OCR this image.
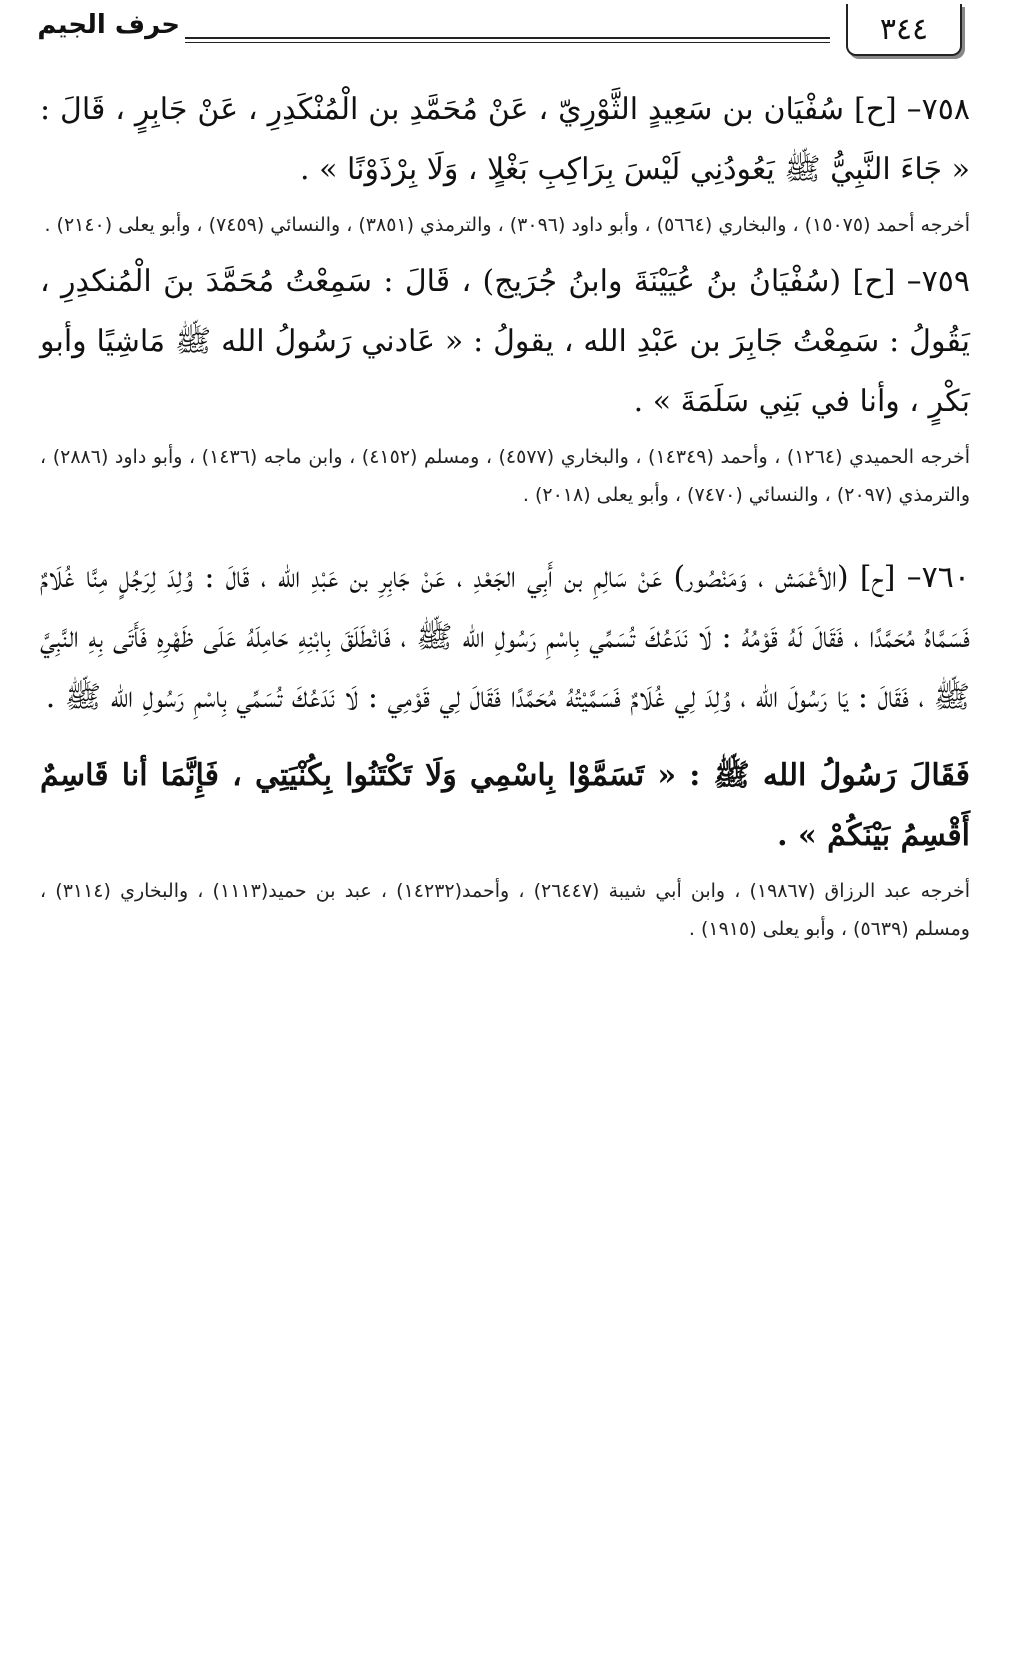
٣٤٤
حرف الجيم

٧٥٨– [ح] سُفْيَان بن سَعِيدٍ الثَّوْرِيّ ، عَنْ مُحَمَّدِ بن الْمُنْكَدِرِ ، عَنْ جَابِرٍ ، قَالَ : « جَاءَ النَّبِيُّ ﷺ يَعُودُنِي لَيْسَ بِرَاكِبِ بَغْلٍا ، وَلَا بِرْذَوْنًا » .

أخرجه أحمد (١٥٠٧٥) ، والبخاري (٥٦٦٤) ، وأبو داود (٣٠٩٦) ، والترمذي (٣٨٥١) ، والنسائي (٧٤٥٩) ، وأبو يعلى (٢١٤٠) .

٧٥٩– [ح] (سُفْيَانُ بنُ عُيَيْنَةَ وابنُ جُرَيج) ، قَالَ : سَمِعْتُ مُحَمَّدَ بنَ الْمُنكدِرِ ، يَقُولُ : سَمِعْتُ جَابِرَ بن عَبْدِ الله ، يقولُ : « عَادني رَسُولُ الله ﷺ مَاشِيًا وأبو بَكْرٍ ، وأنا في بَنِي سَلَمَةَ » .

أخرجه الحميدي (١٢٦٤) ، وأحمد (١٤٣٤٩) ، والبخاري (٤٥٧٧) ، ومسلم (٤١٥٢) ، وابن ماجه (١٤٣٦) ، وأبو داود (٢٨٨٦) ، والترمذي (٢٠٩٧) ، والنسائي (٧٤٧٠) ، وأبو يعلى (٢٠١٨) .

٧٦٠– [ح] (الأعْمَش ، وَمَنْصُور) عَنْ سَالِمِ بن أَبِي الجَعْدِ ، عَنْ جَابِرِ بن عَبْدِ الله ، قَالَ : وُلِدَ لِرَجُلٍ مِنَّا غُلَامٌ فَسَمَّاهُ مُحَمَّدًا ، فَقَالَ لَهُ قَوْمُهُ : لَا نَدَعُكَ تُسَمِّي بِاسْمِ رَسُولِ الله ﷺ ، فَانْطَلَقَ بِابْنِهِ حَامِلَهُ عَلَى ظَهْرِهِ فَأَتَى بِهِ النَّبِيَّ ﷺ ، فَقَالَ : يَا رَسُولَ الله ، وُلِدَ لِي غُلَامٌ فَسَمَّيْتُهُ مُحَمَّدًا فَقَالَ لِي قَوْمِي : لَا نَدَعُكَ تُسَمِّي بِاسْمِ رَسُولِ الله ﷺ .

فَقَالَ رَسُولُ الله ﷺ : « تَسَمَّوْا بِاسْمِي وَلَا تَكْتَنُوا بِكُنْيَتِي ، فَإِنَّمَا أنا قَاسِمٌ أَقْسِمُ بَيْنَكُمْ » .

أخرجه عبد الرزاق (١٩٨٦٧) ، وابن أبي شيبة (٢٦٤٤٧) ، وأحمد(١٤٢٣٢) ، عبد بن حميد(١١١٣) ، والبخاري (٣١١٤) ، ومسلم (٥٦٣٩) ، وأبو يعلى (١٩١٥) .
